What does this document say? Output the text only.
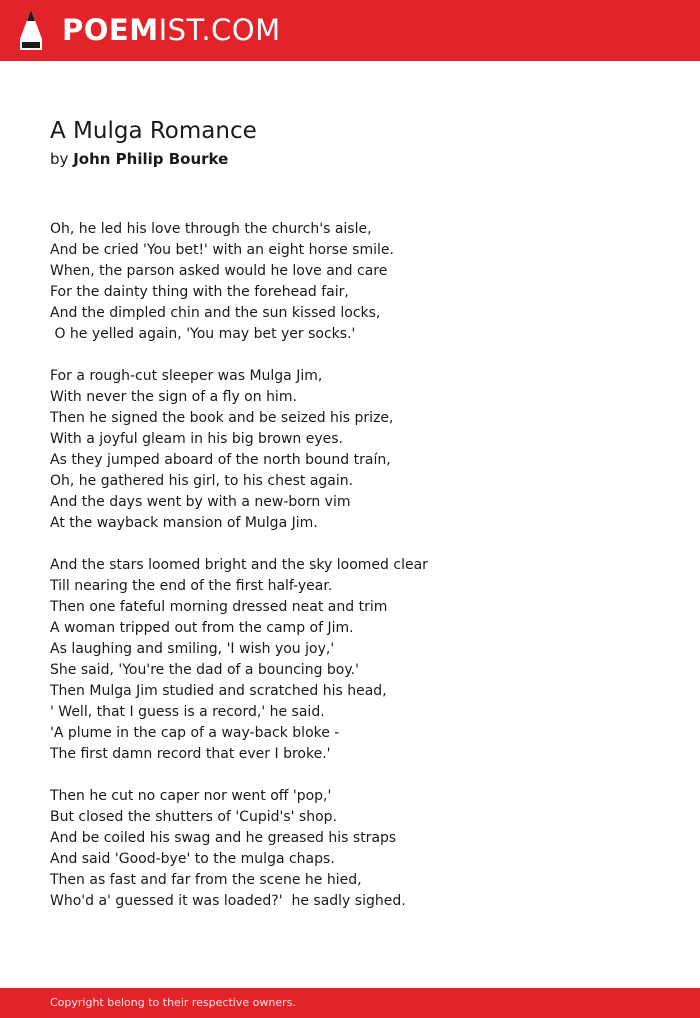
POEMIST.COM
A Mulga Romance
by John Philip Bourke
Oh, he led his love through the church's aisle,
And be cried 'You bet!' with an eight horse smile.
When, the parson asked would he love and care
For the dainty thing with the forehead fair,
And the dimpled chin and the sun kissed locks,
O he yelled again, 'You may bet yer socks.'
For a rough-cut sleeper was Mulga Jim,
With never the sign of a fly on him.
Then he signed the book and be seized his prize,
With a joyful gleam in his big brown eyes.
As they jumped aboard of the north bound traín,
Oh, he gathered his girl, to his chest again.
And the days went by with a new-born vim
At the wayback mansion of Mulga Jim.
And the stars loomed bright and the sky loomed clear
Till nearing the end of the first half-year.
Then one fateful morning dressed neat and trim
A woman tripped out from the camp of Jim.
As laughing and smiling, 'I wish you joy,'
She said, 'You're the dad of a bouncing boy.'
Then Mulga Jim studied and scratched his head,
' Well, that I guess is a record,' he said.
'A plume in the cap of a way-back bloke -
The first damn record that ever I broke.'
Then he cut no caper nor went off 'pop,'
But closed the shutters of 'Cupid's' shop.
And be coiled his swag and he greased his straps
And said 'Good-bye' to the mulga chaps.
Then as fast and far from the scene he hied,
Who'd a' guessed it was loaded?'  he sadly sighed.
Copyright belong to their respective owners.
